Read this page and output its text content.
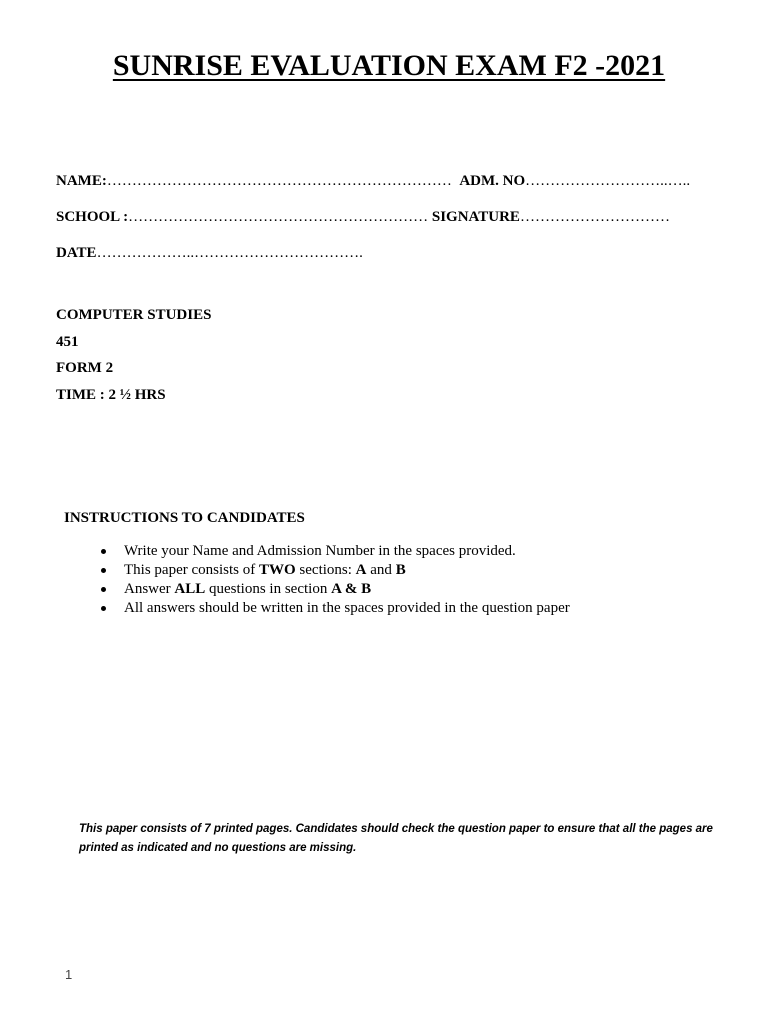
SUNRISE EVALUATION EXAM F2 -2021
NAME:…………………………………………………………… ADM. NO………………………..…..
SCHOOL :…………………………………………………… SIGNATURE…………………………
DATE………………..…………………………….
COMPUTER STUDIES
451
FORM 2
TIME : 2 ½ HRS
INSTRUCTIONS TO CANDIDATES
Write your Name and Admission Number in the spaces provided.
This paper consists of TWO sections: A and B
Answer ALL questions in section A & B
All answers should be written in the spaces provided in the question paper
This paper consists of 7 printed pages. Candidates should check the question paper to ensure that all the pages are printed as indicated and no questions are missing.
1
